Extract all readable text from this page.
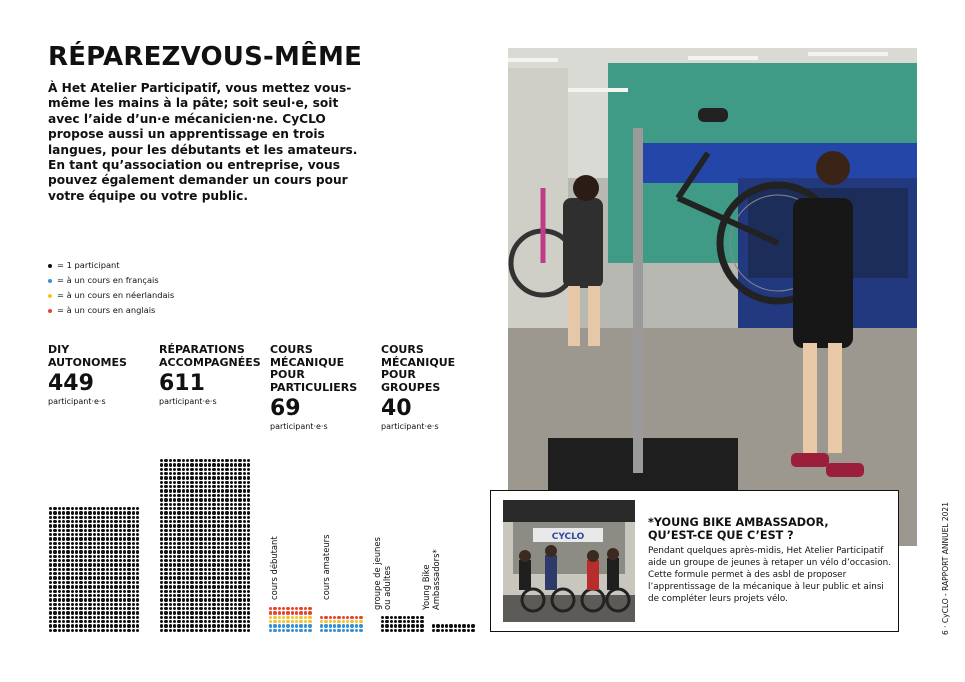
RÉPAREZVOUS-MÊME
À Het Atelier Participatif, vous mettez vous-même les mains à la pâte; soit seul·e, soit avec l’aide d’un·e mécanicien·ne. CyCLO propose aussi un apprentissage en trois langues, pour les débutants et les amateurs. En tant qu’association ou entreprise, vous pouvez également demander un cours pour votre équipe ou votre public.
= 1 participant
= à un cours en français
= à un cours en néerlandais
= à un cours en anglais
DIY
AUTONOMES
449
participant·e·s
RÉPARATIONS
ACCOMPAGNÉES
611
participant·e·s
COURS
MÉCANIQUE
POUR
PARTICULIERS
69
participant·e·s
COURS
MÉCANIQUE
POUR
GROUPES
40
participant·e·s
cours débutant	cours amateurs	groupe de jeunes
ou adultes
Young Bike
Ambassadors*
CYCLO
*YOUNG BIKE AMBASSADOR,
QU’EST-CE QUE C’EST ?
Pendant quelques après-midis, Het Atelier Participatif aide un groupe de jeunes à retaper un vélo d’occasion. Cette formule permet à des asbl de proposer l’apprentissage de la mécanique à leur public et ainsi de compléter leurs projets vélo.	6 · CyCLO - RAPPORT ANNUEL 2021
